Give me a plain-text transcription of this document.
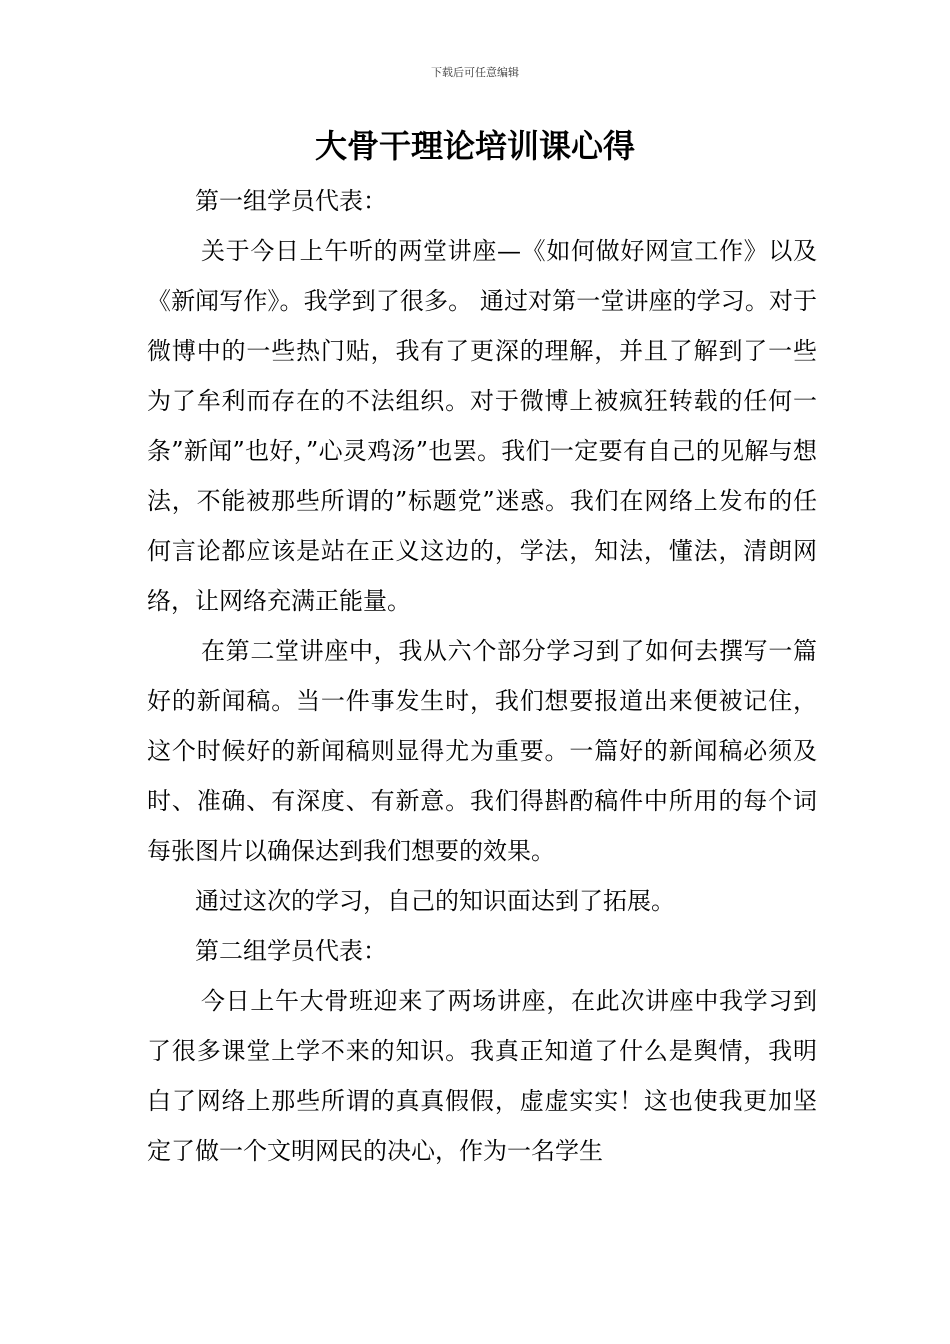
下载后可任意编辑
大骨干理论培训课心得

第一组学员代表：

关于今日上午听的两堂讲座—《如何做好网宣工作》以及《新闻写作》。我学到了很多。 通过对第一堂讲座的学习。对于微博中的一些热门贴，我有了更深的理解，并且了解到了一些为了牟利而存在的不法组织。对于微博上被疯狂转载的任何一条”新闻”也好，”心灵鸡汤”也罢。我们一定要有自己的见解与想法，不能被那些所谓的”标题党”迷惑。我们在网络上发布的任何言论都应该是站在正义这边的，学法，知法，懂法，清朗网络，让网络充满正能量。

在第二堂讲座中，我从六个部分学习到了如何去撰写一篇好的新闻稿。当一件事发生时，我们想要报道出来便被记住，这个时候好的新闻稿则显得尤为重要。一篇好的新闻稿必须及时、准确、有深度、有新意。我们得斟酌稿件中所用的每个词每张图片以确保达到我们想要的效果。

通过这次的学习，自己的知识面达到了拓展。

第二组学员代表：

今日上午大骨班迎来了两场讲座，在此次讲座中我学习到了很多课堂上学不来的知识。我真正知道了什么是舆情，我明白了网络上那些所谓的真真假假，虚虚实实！这也使我更加坚定了做一个文明网民的决心，作为一名学生
